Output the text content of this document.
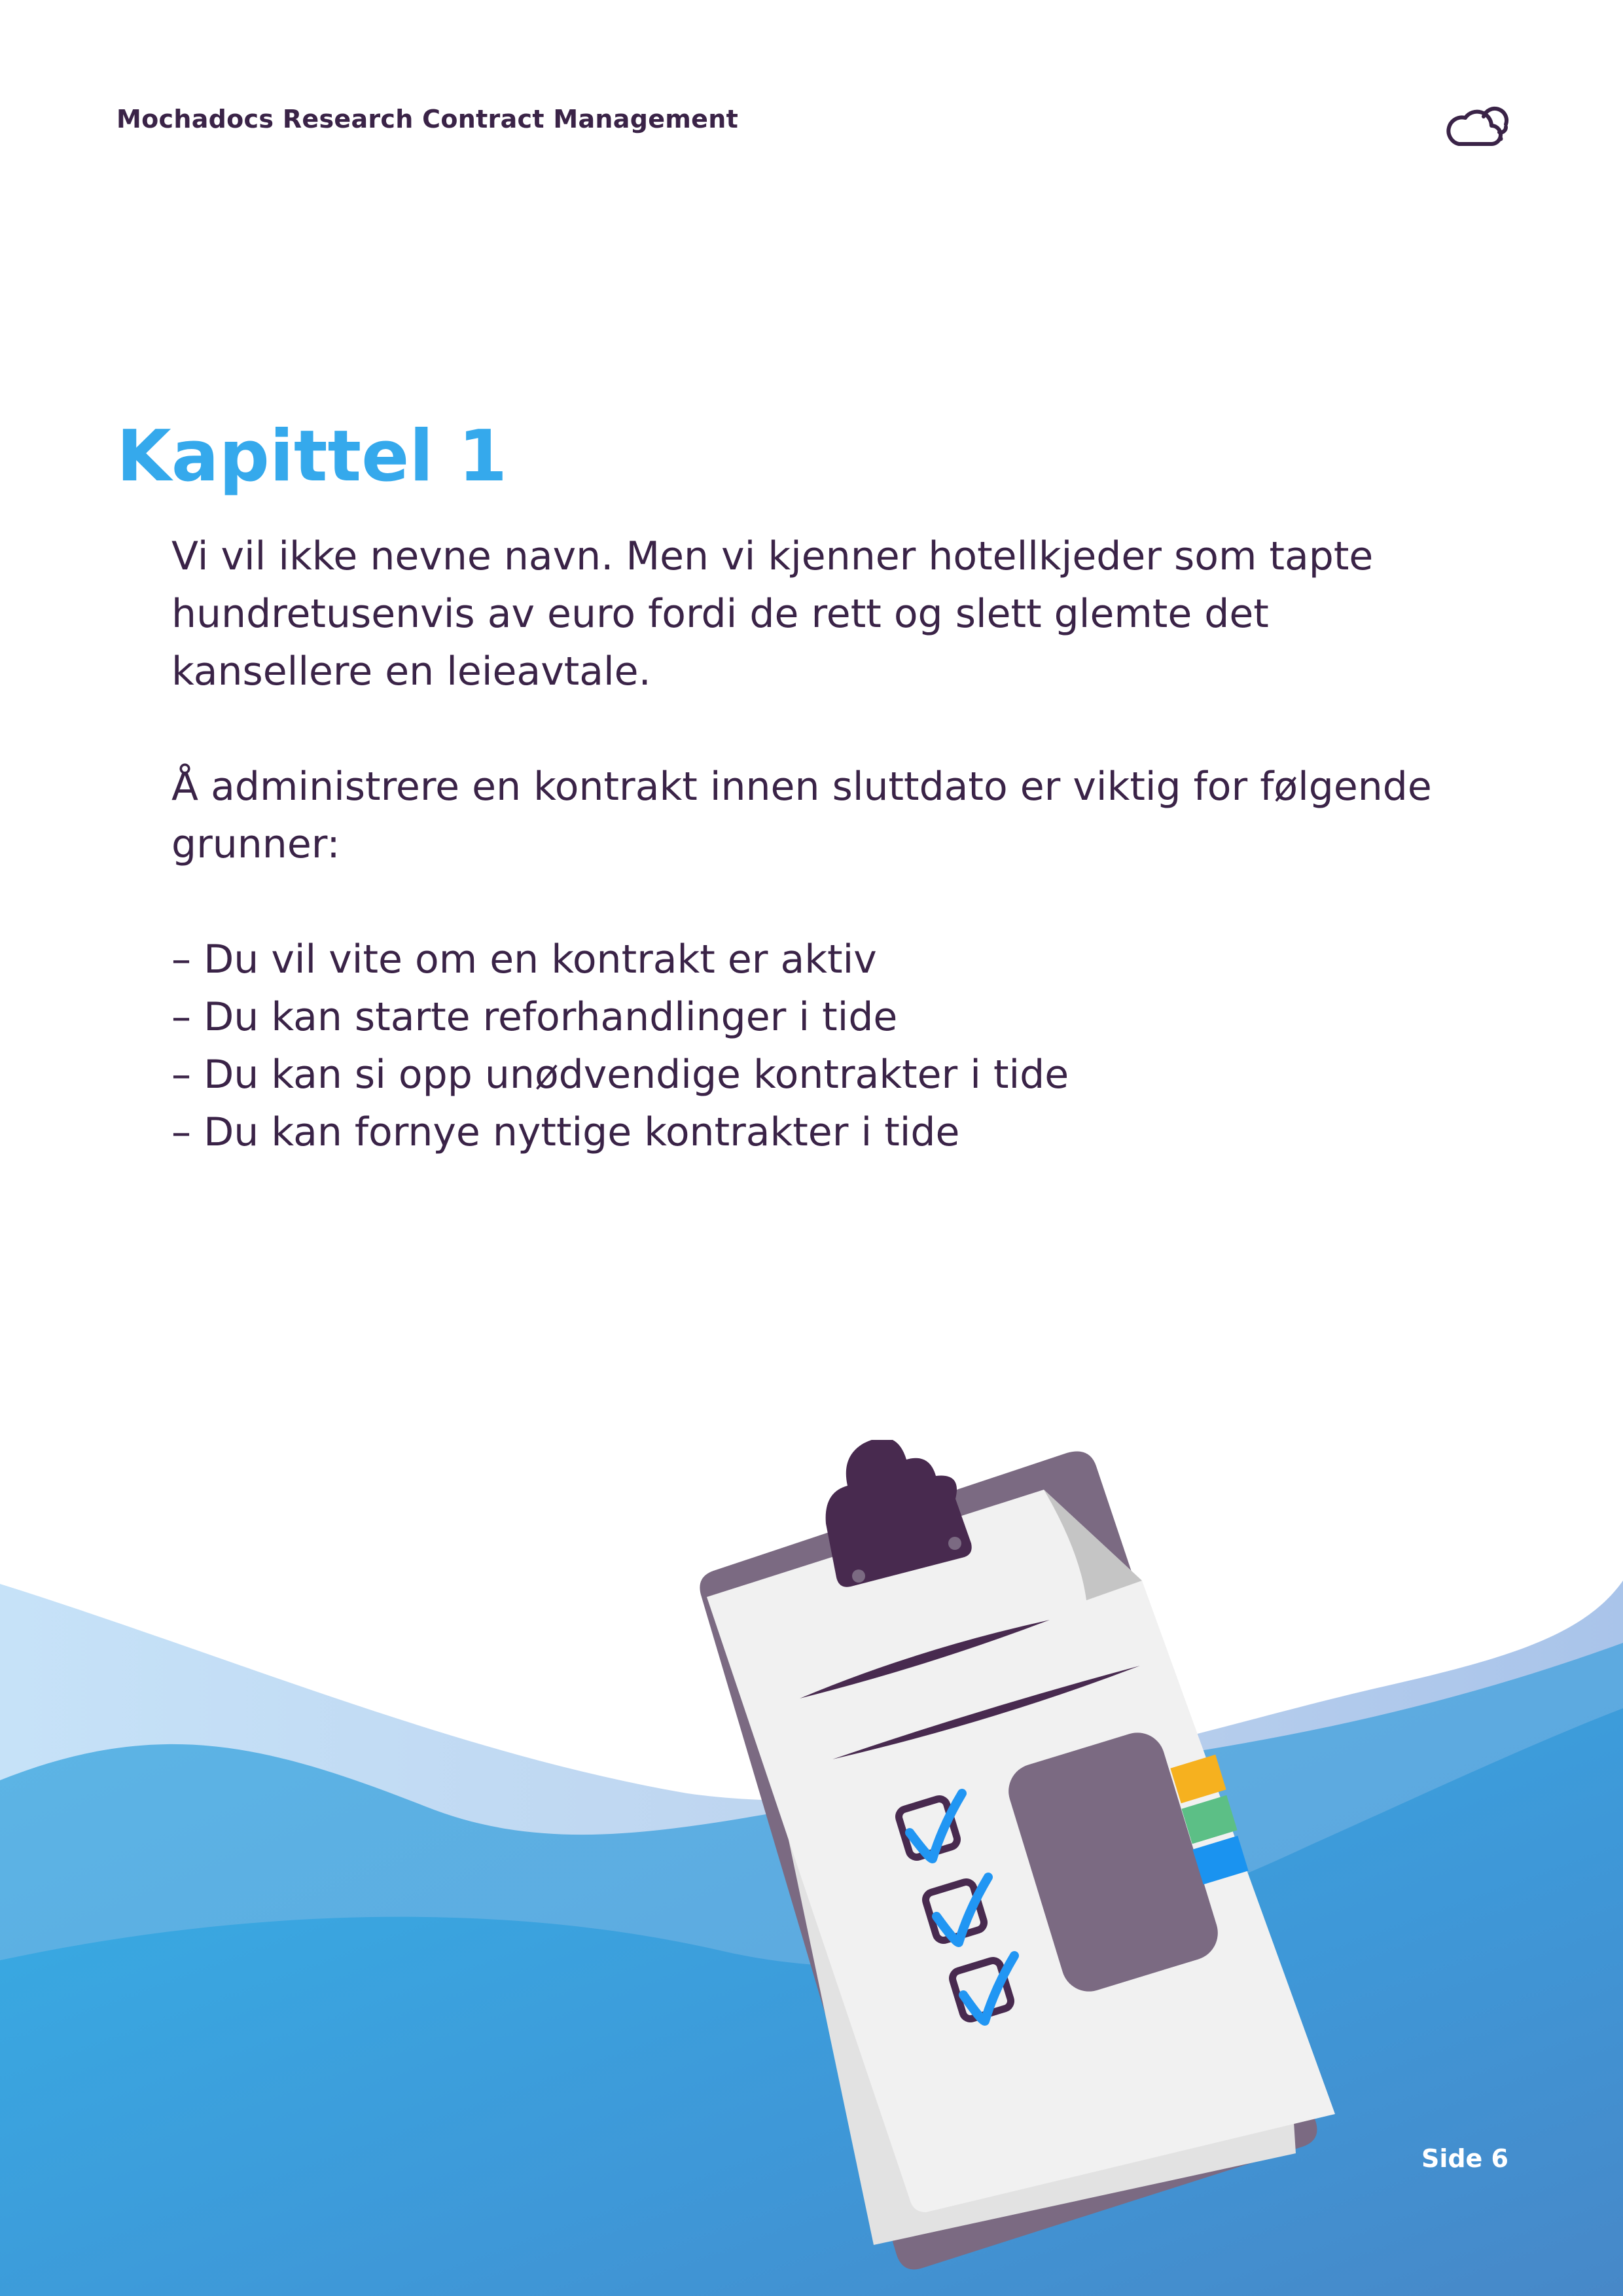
Mochadocs Research Contract Management
Kapittel 1

Vi vil ikke nevne navn. Men vi kjenner hotellkjeder som tapte

hundretusenvis av euro fordi de rett og slett glemte det

kansellere en leieavtale.

Å administrere en kontrakt innen sluttdato er viktig for følgende

grunner:

– Du vil vite om en kontrakt er aktiv

– Du kan starte reforhandlinger i tide

– Du kan si opp unødvendige kontrakter i tide

– Du kan fornye nyttige kontrakter i tide

Side 6
